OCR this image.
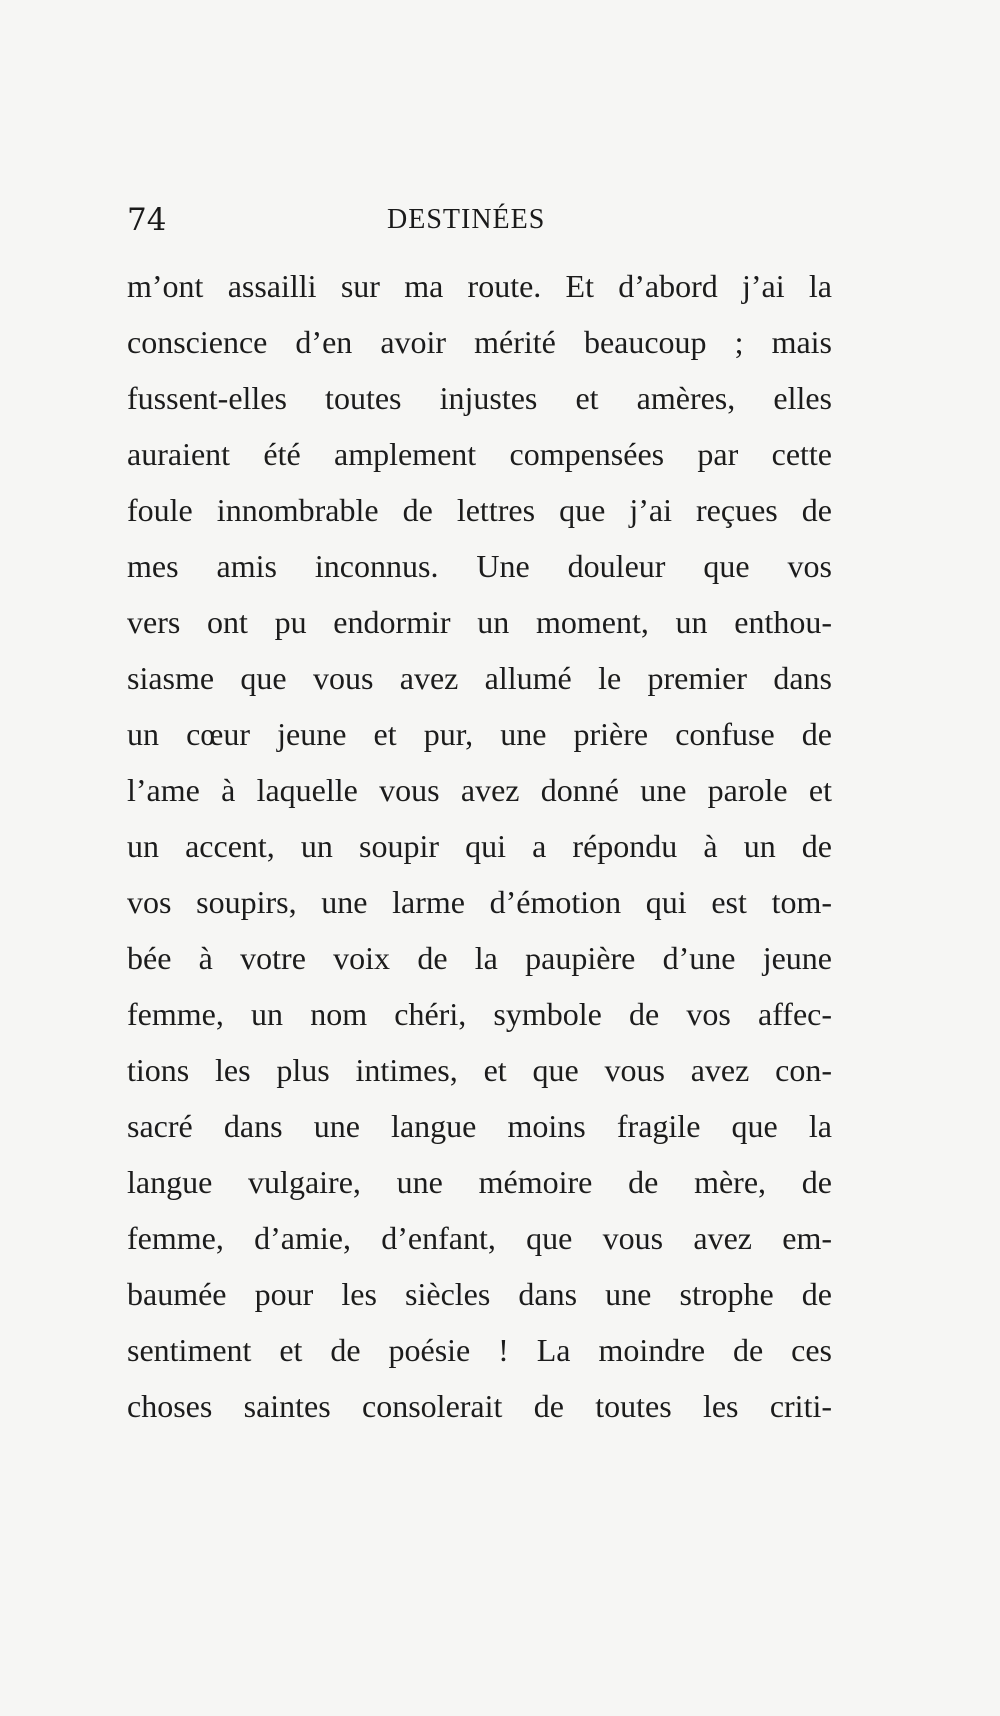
74	DESTINÉES
m’ont assailli sur ma route. Et d’abord j’ai la
conscience d’en avoir mérité beaucoup ; mais
fussent-elles toutes injustes et amères, elles
auraient été amplement compensées par cette
foule innombrable de lettres que j’ai reçues de
mes amis inconnus. Une douleur que vos
vers ont pu endormir un moment, un enthou-
siasme que vous avez allumé le premier dans
un cœur jeune et pur, une prière confuse de
l’ame à laquelle vous avez donné une parole et
un accent, un soupir qui a répondu à un de
vos soupirs, une larme d’émotion qui est tom-
bée à votre voix de la paupière d’une jeune
femme, un nom chéri, symbole de vos affec-
tions les plus intimes, et que vous avez con-
sacré dans une langue moins fragile que la
langue vulgaire, une mémoire de mère, de
femme, d’amie, d’enfant, que vous avez em-
baumée pour les siècles dans une strophe de
sentiment et de poésie ! La moindre de ces
choses saintes consolerait de toutes les criti-
